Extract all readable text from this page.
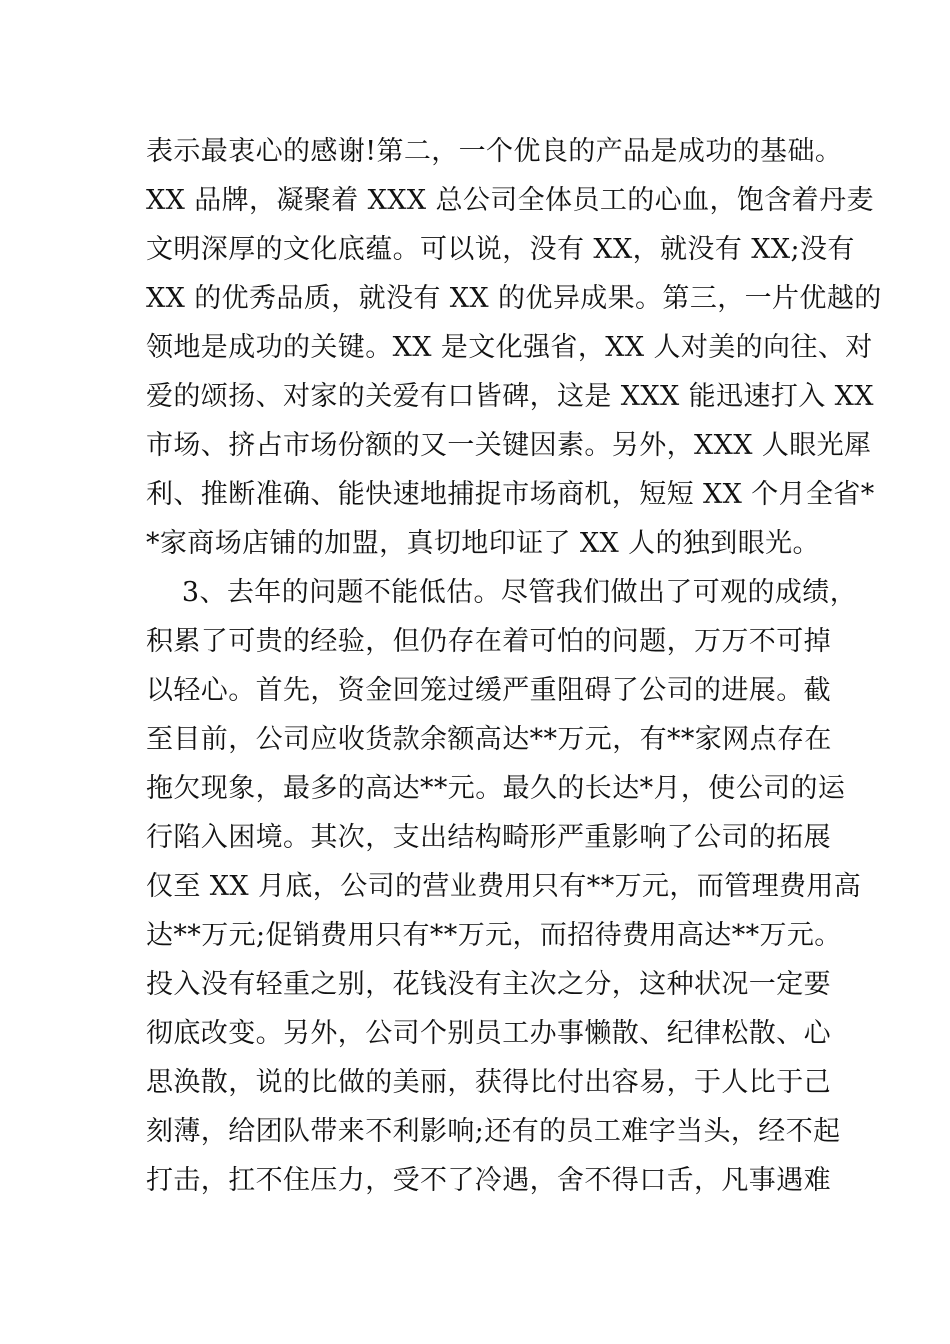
表示最衷心的感谢!第二，一个优良的产品是成功的基础。
XX 品牌，凝聚着 XXX 总公司全体员工的心血，饱含着丹麦
文明深厚的文化底蕴。可以说，没有 XX，就没有 XX;没有
XX 的优秀品质，就没有 XX 的优异成果。第三，一片优越的
领地是成功的关键。XX 是文化强省，XX 人对美的向往、对
爱的颂扬、对家的关爱有口皆碑，这是 XXX 能迅速打入 XX
市场、挤占市场份额的又一关键因素。另外，XXX 人眼光犀
利、推断准确、能快速地捕捉市场商机，短短 XX 个月全省*
*家商场店铺的加盟，真切地印证了 XX 人的独到眼光。
3、去年的问题不能低估。尽管我们做出了可观的成绩，
积累了可贵的经验，但仍存在着可怕的问题，万万不可掉
以轻心。首先，资金回笼过缓严重阻碍了公司的进展。截
至目前，公司应收货款余额高达**万元，有**家网点存在
拖欠现象，最多的高达**元。最久的长达*月，使公司的运
行陷入困境。其次，支出结构畸形严重影响了公司的拓展
仅至 XX 月底，公司的营业费用只有**万元，而管理费用高
达**万元;促销费用只有**万元，而招待费用高达**万元。
投入没有轻重之别，花钱没有主次之分，这种状况一定要
彻底改变。另外，公司个别员工办事懒散、纪律松散、心
思涣散，说的比做的美丽，获得比付出容易，于人比于己
刻薄，给团队带来不利影响;还有的员工难字当头，经不起
打击，扛不住压力，受不了冷遇，舍不得口舌，凡事遇难
